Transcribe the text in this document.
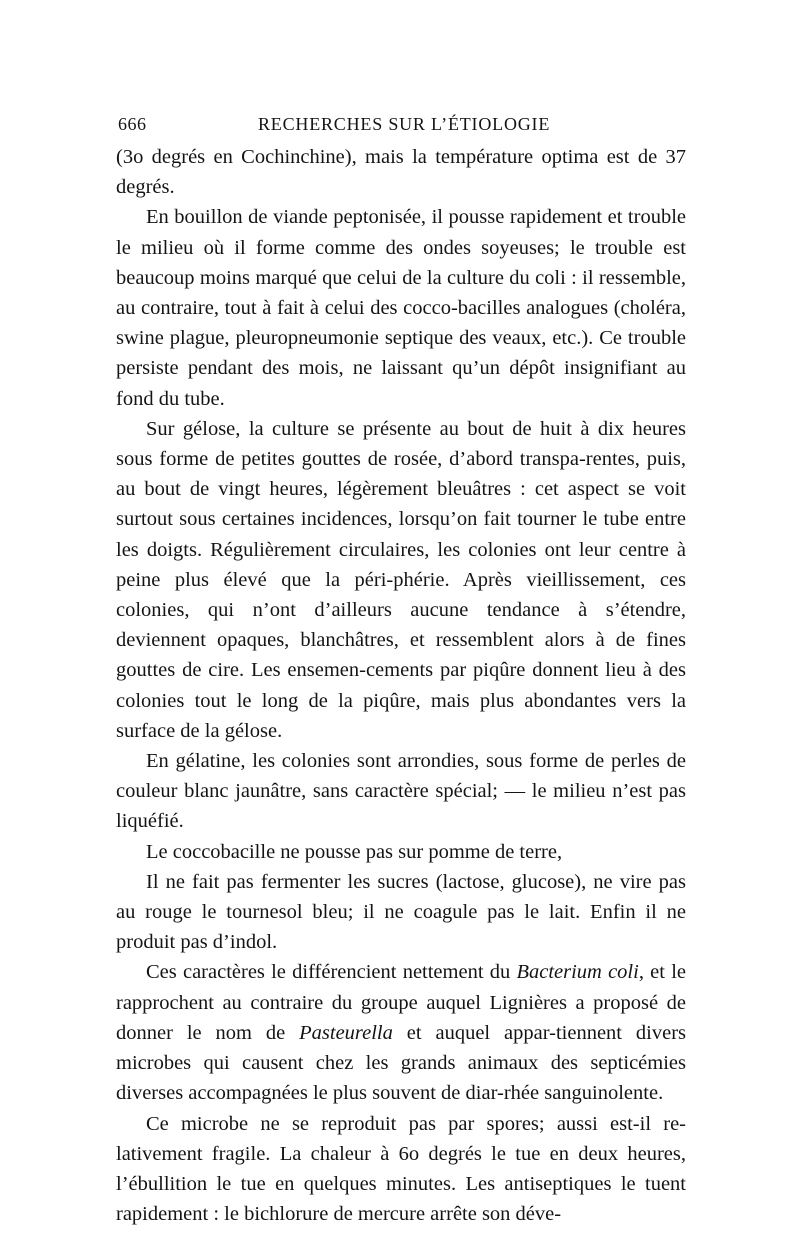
666	RECHERCHES SUR L’ÉTIOLOGIE

(3o degrés en Cochinchine), mais la température optima est de 37 degrés.

En bouillon de viande peptonisée, il pousse rapidement et trouble le milieu où il forme comme des ondes soyeuses; le trouble est beaucoup moins marqué que celui de la culture du coli : il ressemble, au contraire, tout à fait à celui des cocco-bacilles analogues (choléra, swine plague, pleuropneumonie septique des veaux, etc.). Ce trouble persiste pendant des mois, ne laissant qu’un dépôt insignifiant au fond du tube.

Sur gélose, la culture se présente au bout de huit à dix heures sous forme de petites gouttes de rosée, d’abord transpa-rentes, puis, au bout de vingt heures, légèrement bleuâtres : cet aspect se voit surtout sous certaines incidences, lorsqu’on fait tourner le tube entre les doigts. Régulièrement circulaires, les colonies ont leur centre à peine plus élevé que la péri-phérie. Après vieillissement, ces colonies, qui n’ont d’ailleurs aucune tendance à s’étendre, deviennent opaques, blanchâtres, et ressemblent alors à de fines gouttes de cire. Les ensemen-cements par piqûre donnent lieu à des colonies tout le long de la piqûre, mais plus abondantes vers la surface de la gélose.

En gélatine, les colonies sont arrondies, sous forme de perles de couleur blanc jaunâtre, sans caractère spécial; — le milieu n’est pas liquéfié.

Le coccobacille ne pousse pas sur pomme de terre,

Il ne fait pas fermenter les sucres (lactose, glucose), ne vire pas au rouge le tournesol bleu; il ne coagule pas le lait. Enfin il ne produit pas d’indol.

Ces caractères le différencient nettement du Bacterium coli, et le rapprochent au contraire du groupe auquel Lignières a proposé de donner le nom de Pasteurella et auquel appar-tiennent divers microbes qui causent chez les grands animaux des septicémies diverses accompagnées le plus souvent de diar-rhée sanguinolente.

Ce microbe ne se reproduit pas par spores; aussi est-il re-lativement fragile. La chaleur à 6o degrés le tue en deux heures, l’ébullition le tue en quelques minutes. Les antiseptiques le tuent rapidement : le bichlorure de mercure arrête son déve-
